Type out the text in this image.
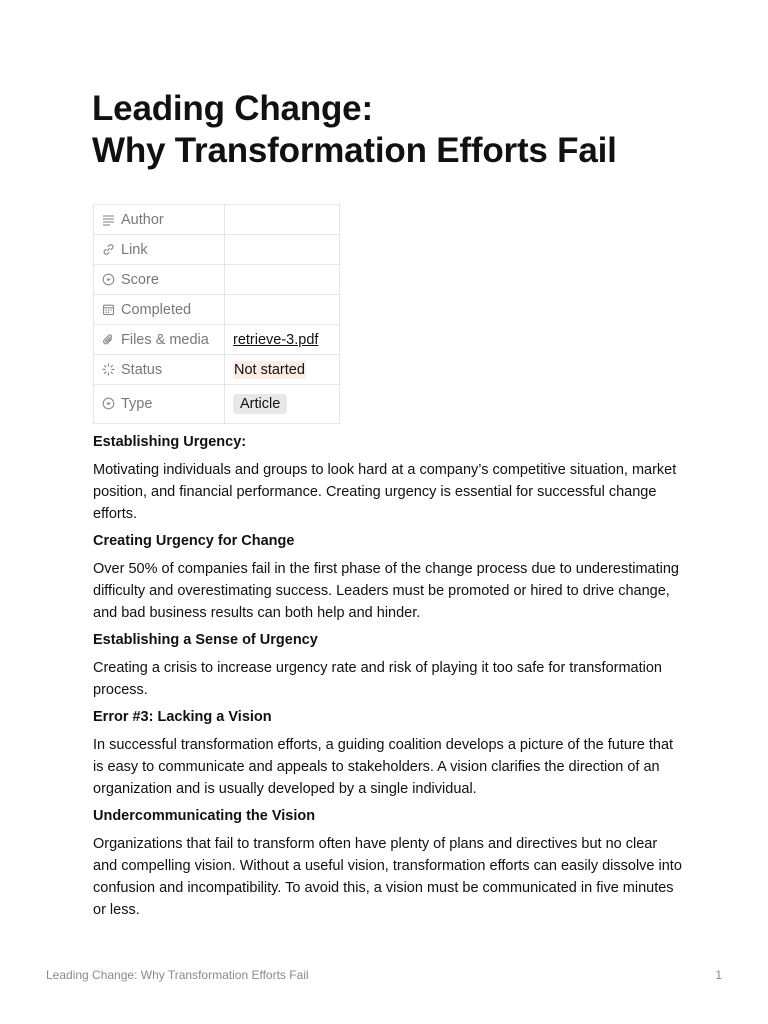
Leading Change:
Why Transformation Efforts Fail
Author	

Link	

Score	

Completed	

Files & media	retrieve-3.pdf

Status	Not started

Type	Article
Establishing Urgency:

Motivating individuals and groups to look hard at a company’s competitive situation, market position, and financial performance. Creating urgency is essential for successful change efforts.

Creating Urgency for Change

Over 50% of companies fail in the first phase of the change process due to underestimating difficulty and overestimating success. Leaders must be promoted or hired to drive change, and bad business results can both help and hinder.

Establishing a Sense of Urgency

Creating a crisis to increase urgency rate and risk of playing it too safe for transformation process.

Error #3: Lacking a Vision

In successful transformation efforts, a guiding coalition develops a picture of the future that is easy to communicate and appeals to stakeholders. A vision clarifies the direction of an organization and is usually developed by a single individual.

Undercommunicating the Vision

Organizations that fail to transform often have plenty of plans and directives but no clear and compelling vision. Without a useful vision, transformation efforts can easily dissolve into confusion and incompatibility. To avoid this, a vision must be communicated in five minutes or less.

Leading Change: Why Transformation Efforts Fail	1
